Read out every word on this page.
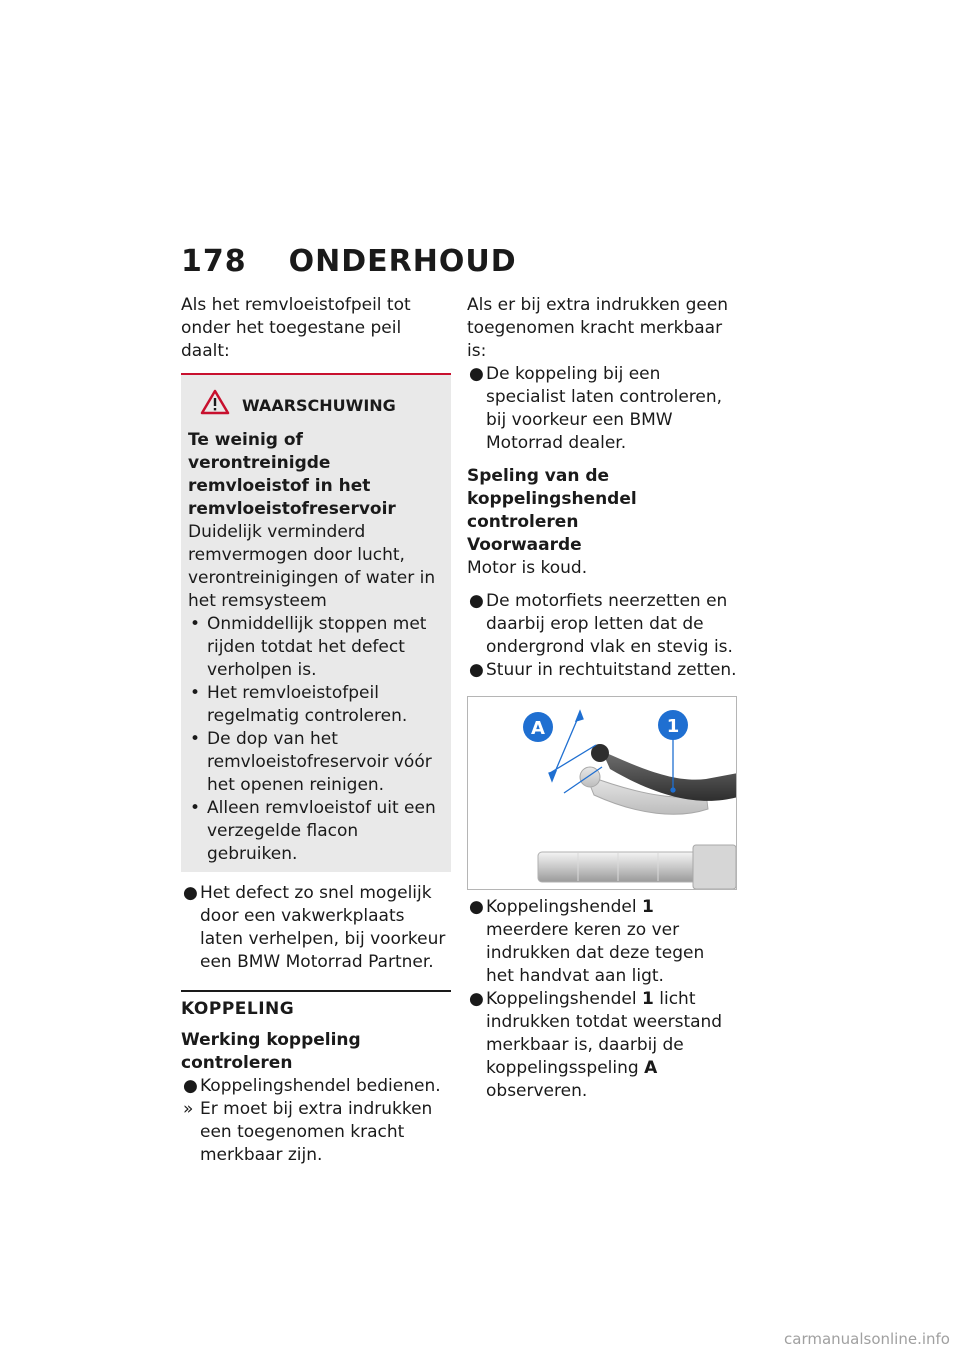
178 ONDERHOUD

Als het remvloeistofpeil tot onder het toegestane peil daalt:

WAARSCHUWING

Te weinig of verontreinigde remvloeistof in het remvloeistofreservoir

Duidelijk verminderd remvermogen door lucht, verontreinigingen of water in het remsysteem

• Onmiddellijk stoppen met rijden totdat het defect verholpen is.
• Het remvloeistofpeil regelmatig controleren.
• De dop van het remvloeistofreservoir vóór het openen reinigen.
• Alleen remvloeistof uit een verzegelde flacon gebruiken.
● Het defect zo snel mogelijk door een vakwerkplaats laten verhelpen, bij voorkeur een BMW Motorrad Partner.
KOPPELING

Werking koppeling controleren

● Koppelingshendel bedienen.
» Er moet bij extra indrukken een toegenomen kracht merkbaar zijn.

Als er bij extra indrukken geen toegenomen kracht merkbaar is:

● De koppeling bij een specialist laten controleren, bij voorkeur een BMW Motorrad dealer.

Speling van de koppelingshendel controleren

Voorwaarde

Motor is koud.

● De motorfiets neerzetten en daarbij erop letten dat de ondergrond vlak en stevig is.
● Stuur in rechtuitstand zetten.
A	1
● Koppelingshendel 1 meerdere keren zo ver indrukken dat deze tegen het handvat aan ligt.
● Koppelingshendel 1 licht indrukken totdat weerstand merkbaar is, daarbij de koppelingsspeling A observeren.
carmanualsonline.info
